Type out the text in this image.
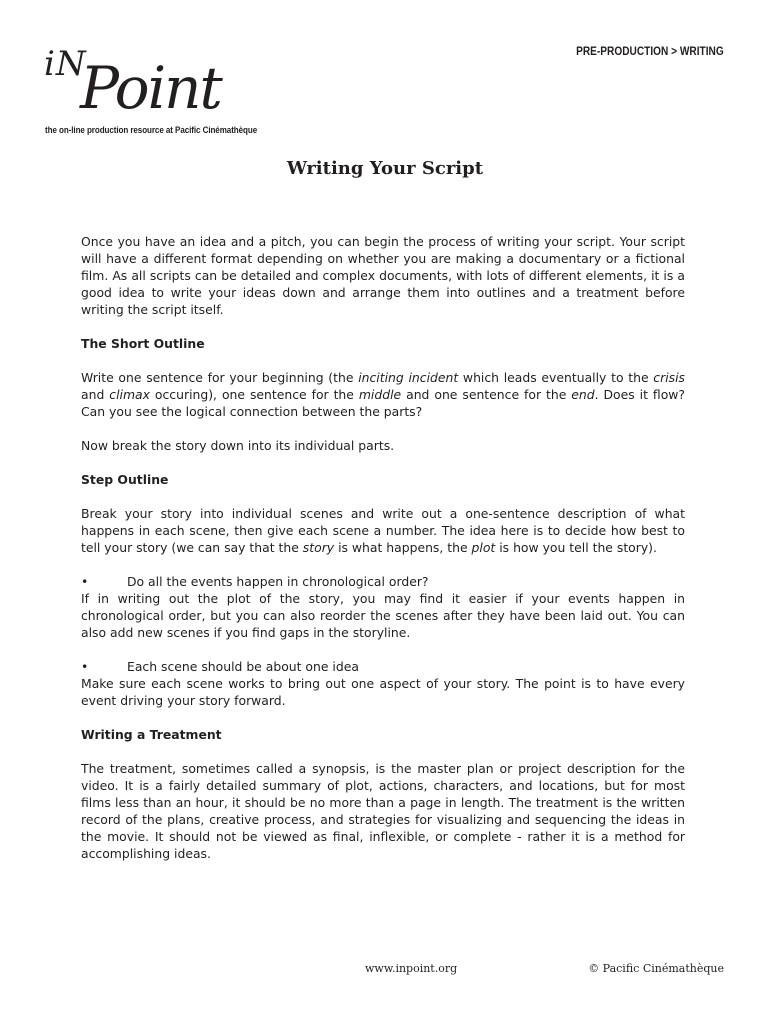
iN
Point
the on-line production resource at Pacific Cinémathèque
PRE-PRODUCTION > WRITING
Writing Your Script

Once you have an idea and a pitch, you can begin the process of writing your script. Your script will have a different format depending on whether you are making a documentary or a fictional film. As all scripts can be detailed and complex documents, with lots of different elements, it is a good idea to write your ideas down and arrange them into outlines and a treatment before writing the script itself.

The Short Outline

Write one sentence for your beginning (the inciting incident which leads eventually to the crisis and climax occuring), one sentence for the middle and one sentence for the end. Does it flow? Can you see the logical connection between the parts?

Now break the story down into its individual parts.

Step Outline

Break your story into individual scenes and write out a one-sentence description of what happens in each scene, then give each scene a number. The idea here is to decide how best to tell your story (we can say that the story is what happens, the plot is how you tell the story).

•	Do all the events happen in chronological order?
If in writing out the plot of the story, you may find it easier if your events happen in chronological order, but you can also reorder the scenes after they have been laid out. You can also add new scenes if you find gaps in the storyline.

•	Each scene should be about one idea
Make sure each scene works to bring out one aspect of your story. The point is to have every event driving your story forward.

Writing a Treatment

The treatment, sometimes called a synopsis, is the master plan or project description for the video. It is a fairly detailed summary of plot, actions, characters, and locations, but for most films less than an hour, it should be no more than a page in length. The treatment is the written record of the plans, creative process, and strategies for visualizing and sequencing the ideas in the movie. It should not be viewed as final, inflexible, or complete - rather it is a method for accomplishing ideas.

www.inpoint.org	© Pacific Cinémathèque
